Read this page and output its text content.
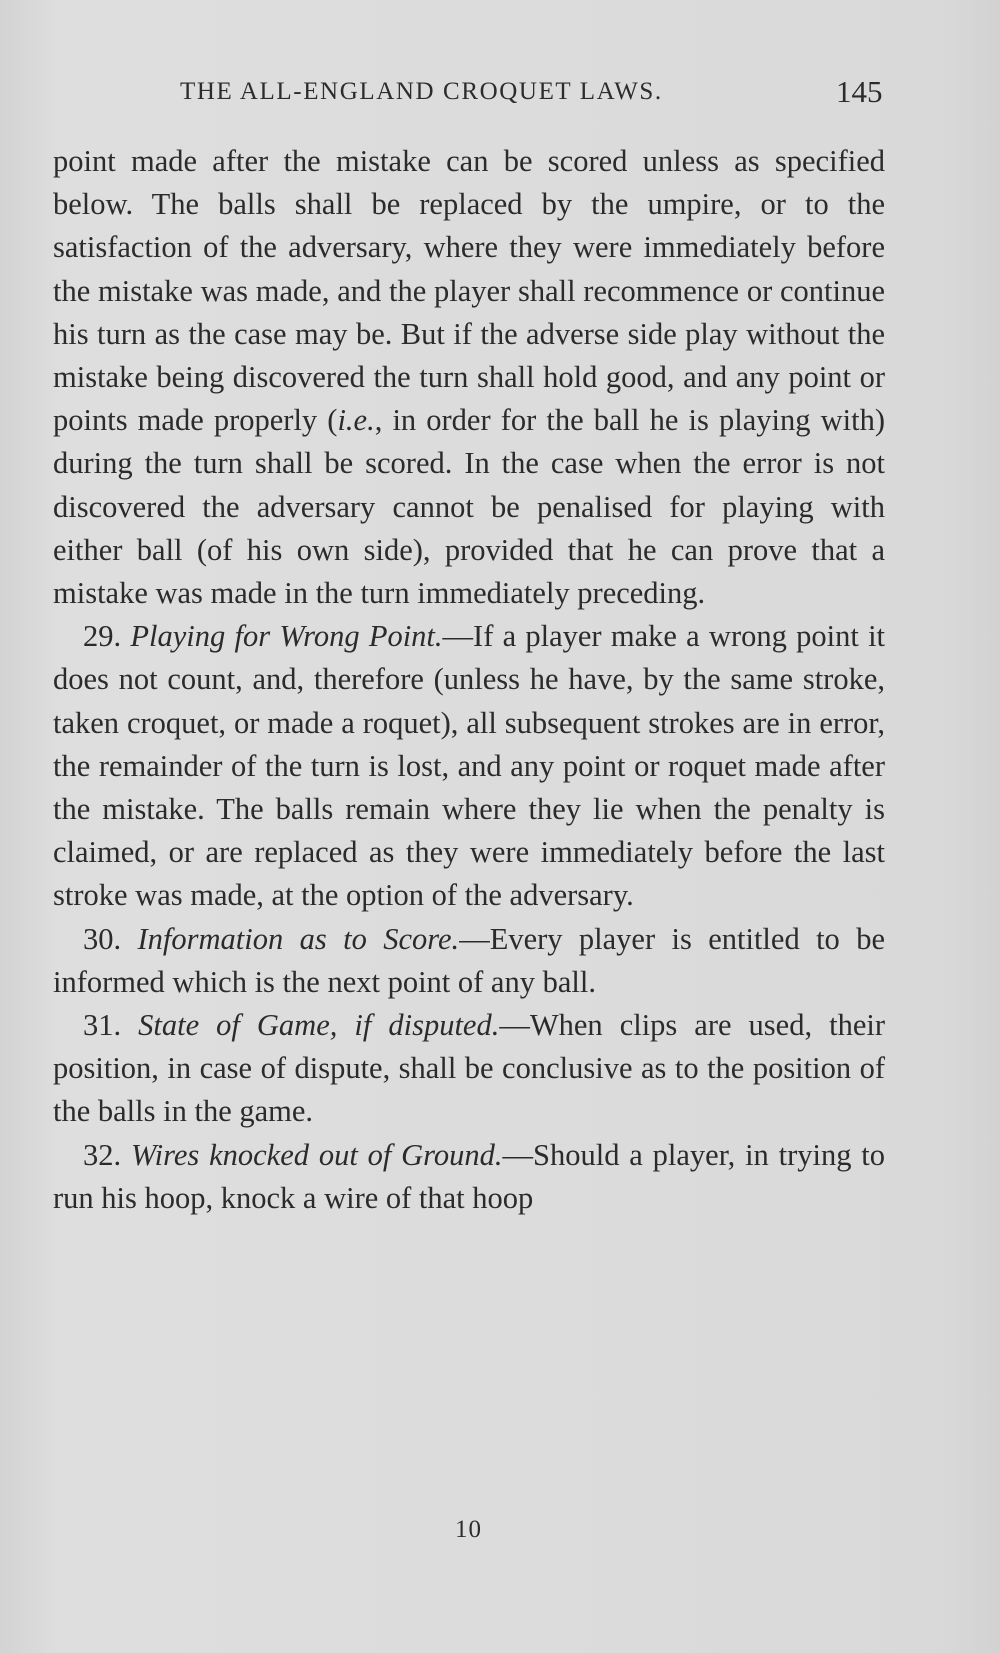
THE ALL-ENGLAND CROQUET LAWS.	145

point made after the mistake can be scored unless as specified below. The balls shall be replaced by the umpire, or to the satisfaction of the adversary, where they were immediately before the mistake was made, and the player shall recommence or continue his turn as the case may be. But if the adverse side play without the mistake being discovered the turn shall hold good, and any point or points made properly (i.e., in order for the ball he is playing with) during the turn shall be scored. In the case when the error is not discovered the adversary cannot be penalised for playing with either ball (of his own side), provided that he can prove that a mistake was made in the turn immediately preceding.

29. Playing for Wrong Point.—If a player make a wrong point it does not count, and, therefore (unless he have, by the same stroke, taken croquet, or made a roquet), all subsequent strokes are in error, the remainder of the turn is lost, and any point or roquet made after the mistake. The balls remain where they lie when the penalty is claimed, or are replaced as they were immediately before the last stroke was made, at the option of the adversary.

30. Information as to Score.—Every player is entitled to be informed which is the next point of any ball.

31. State of Game, if disputed.—When clips are used, their position, in case of dispute, shall be conclusive as to the position of the balls in the game.

32. Wires knocked out of Ground.—Should a player, in trying to run his hoop, knock a wire of that hoop

10
